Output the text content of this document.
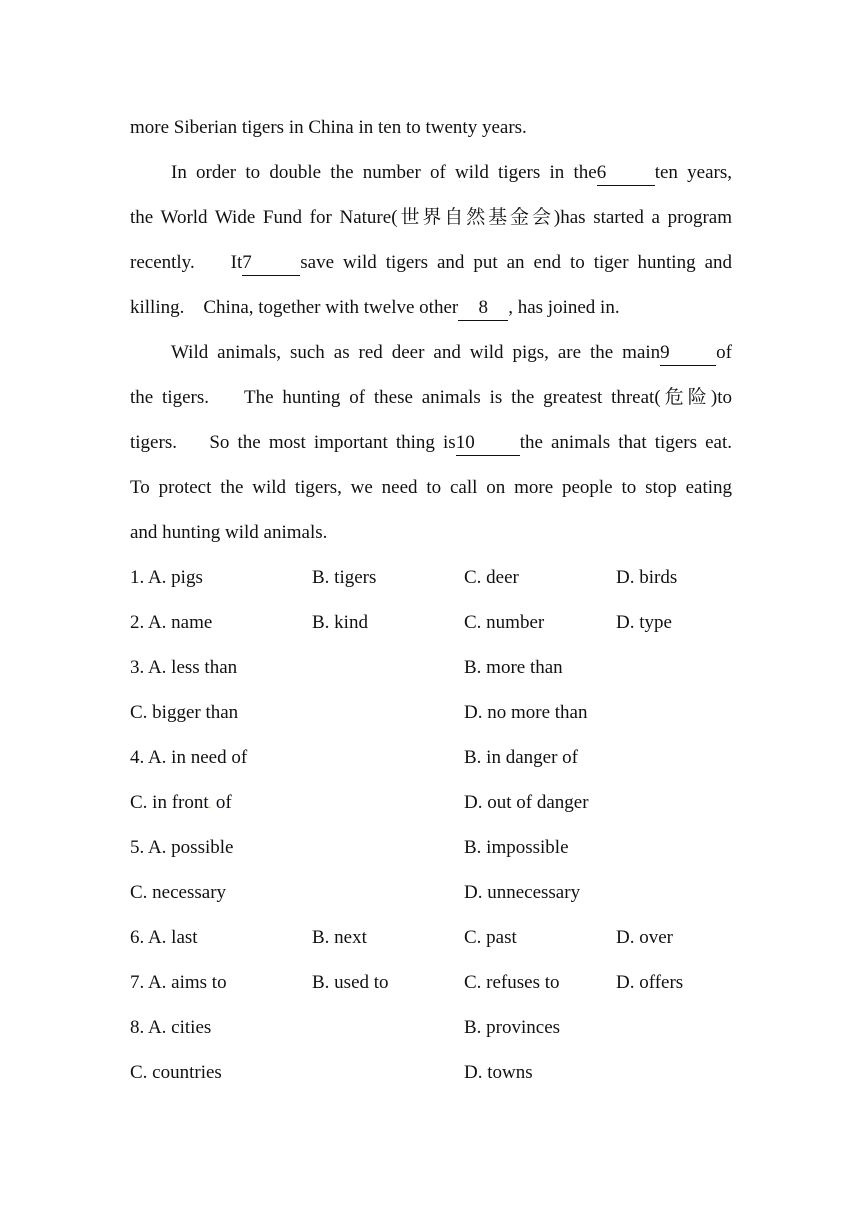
more Siberian tigers in China in ten to twenty years.
In order to double the number of wild tigers in the6	ten years,
the World Wide Fund for Nature(世界自然基金会)has started a program
recently.    It7	save wild tigers and put an end to tiger hunting and
killing.    China, together with twelve other 8 , has joined in.
Wild animals, such as red deer and wild pigs, are the main9 of
the tigers.    The hunting of these animals is the greatest threat(危险)to
tigers.    So the most important thing is10 the animals that tigers eat.
To protect the wild tigers, we need to call on more people to stop eating
and hunting wild animals.
1. A. pigs	B. tigers	C. deer	D. birds
2. A. name	B. kind	C. number	D. type
3. A. less than	B. more than
C. bigger than	D. no more than
4. A. in need of	B. in danger of
C. in front. of	D. out of danger
5. A. possible	B. impossible
C. necessary	D. unnecessary
6. A. last	B. next	C. past	D. over
7. A. aims to	B. used to	C. refuses to	D. offers
8. A. cities	B. provinces
C. countries	D. towns
